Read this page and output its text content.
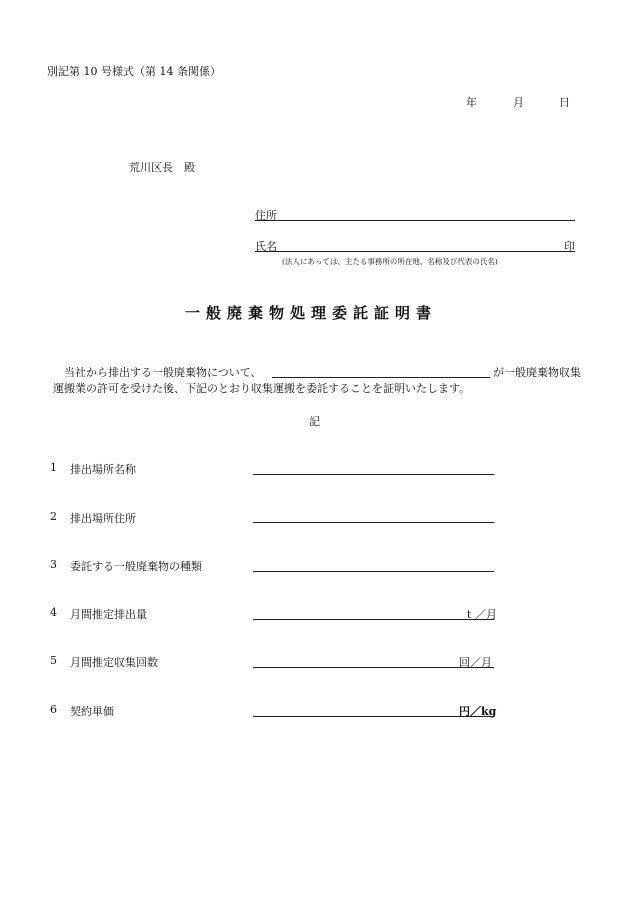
別記第 10 号様式（第 14 条関係）
年	月	日
荒川区長　殿
住所
氏名	印
(法人にあっては、主たる事務所の所在地、名称及び代表の氏名)
一般廃棄物処理委託証明書
当社から排出する一般廃棄物について、	が一般廃棄物収集
運搬業の許可を受けた後、下記のとおり収集運搬を委託することを証明いたします。
記
1 排出場所名称
2 排出場所住所
3 委託する一般廃棄物の種類
4 月間推定排出量	ｔ／月
5 月間推定収集回数	回／月
6 契約単価	円／kg
